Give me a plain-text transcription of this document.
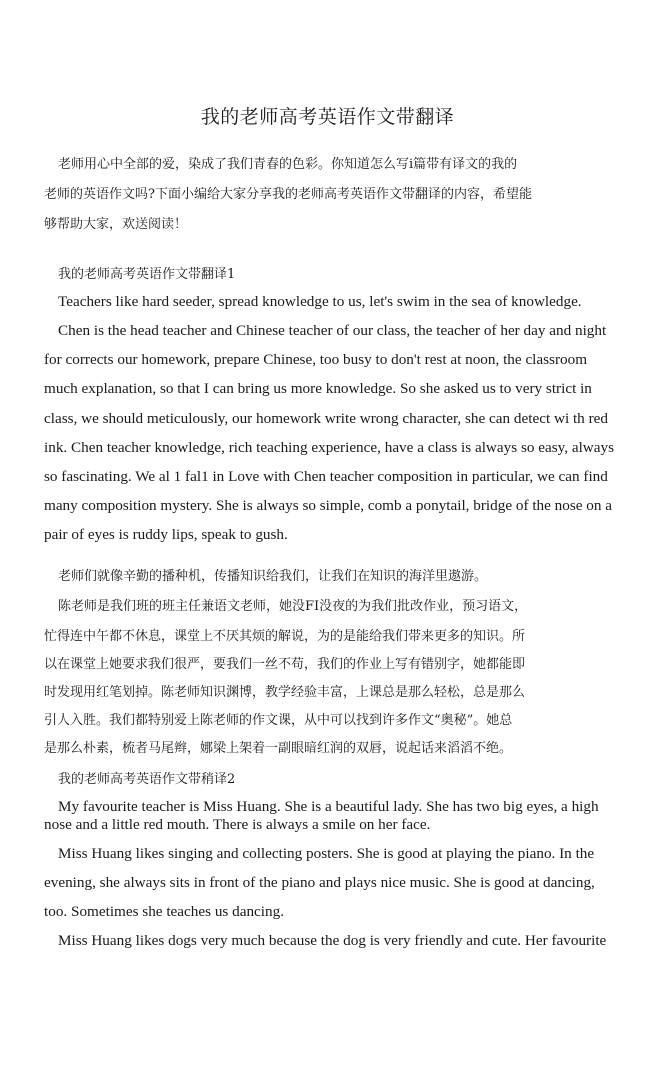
我的老师高考英语作文带翻译
老师用心中全部的爱，染成了我们青春的色彩。你知道怎么写i篇带有译文的我的
老师的英语作文吗?下面小编给大家分享我的老师高考英语作文带翻译的内容，希望能
够帮助大家，欢送阅读！
我的老师高考英语作文带翻译1
Teachers like hard seeder, spread knowledge to us, let's swim in the sea of knowledge.
Chen is the head teacher and Chinese teacher of our class, the teacher of her day and night
for corrects our homework, prepare Chinese, too busy to don't rest at noon, the classroom
much explanation, so that I can bring us more knowledge. So she asked us to very strict in
class, we should meticulously, our homework write wrong character, she can detect wi th red
ink. Chen teacher knowledge, rich teaching experience, have a class is always so easy, always
so fascinating. We al 1 fal1 in Love with Chen teacher composition in particular, we can find
many composition mystery. She is always so simple, comb a ponytail, bridge of the nose on a
pair of eyes is ruddy lips, speak to gush.
老师们就像辛勤的播种机，传播知识给我们，让我们在知识的海洋里遨游。
陈老师是我们班的班主任兼语文老师，她没FI没夜的为我们批改作业，预习语文，
忙得连中午都不休息，课堂上不厌其烦的解说，为的是能给我们带来更多的知识。所
以在课堂上她要求我们很严，要我们一丝不苟，我们的作业上写有错别字，她都能即
时发现用红笔划掉。陈老师知识渊博，教学经验丰富，上课总是那么轻松，总是那么
引人入胜。我们都特别爱上陈老师的作文课，从中可以找到许多作文“奥秘”。她总
是那么朴素，梳者马尾辫，娜梁上架着一副眼暗红润的双唇，说起话来滔滔不绝。
我的老师高考英语作文带稍译2
My favourite teacher is Miss Huang. She is a beautiful lady. She has two big eyes, a high
nose and a little red mouth. There is always a smile on her face.
Miss Huang likes singing and collecting posters. She is good at playing the piano. In the
evening, she always sits in front of the piano and plays nice music. She is good at dancing,
too. Sometimes she teaches us dancing.
Miss Huang likes dogs very much because the dog is very friendly and cute. Her favourite
